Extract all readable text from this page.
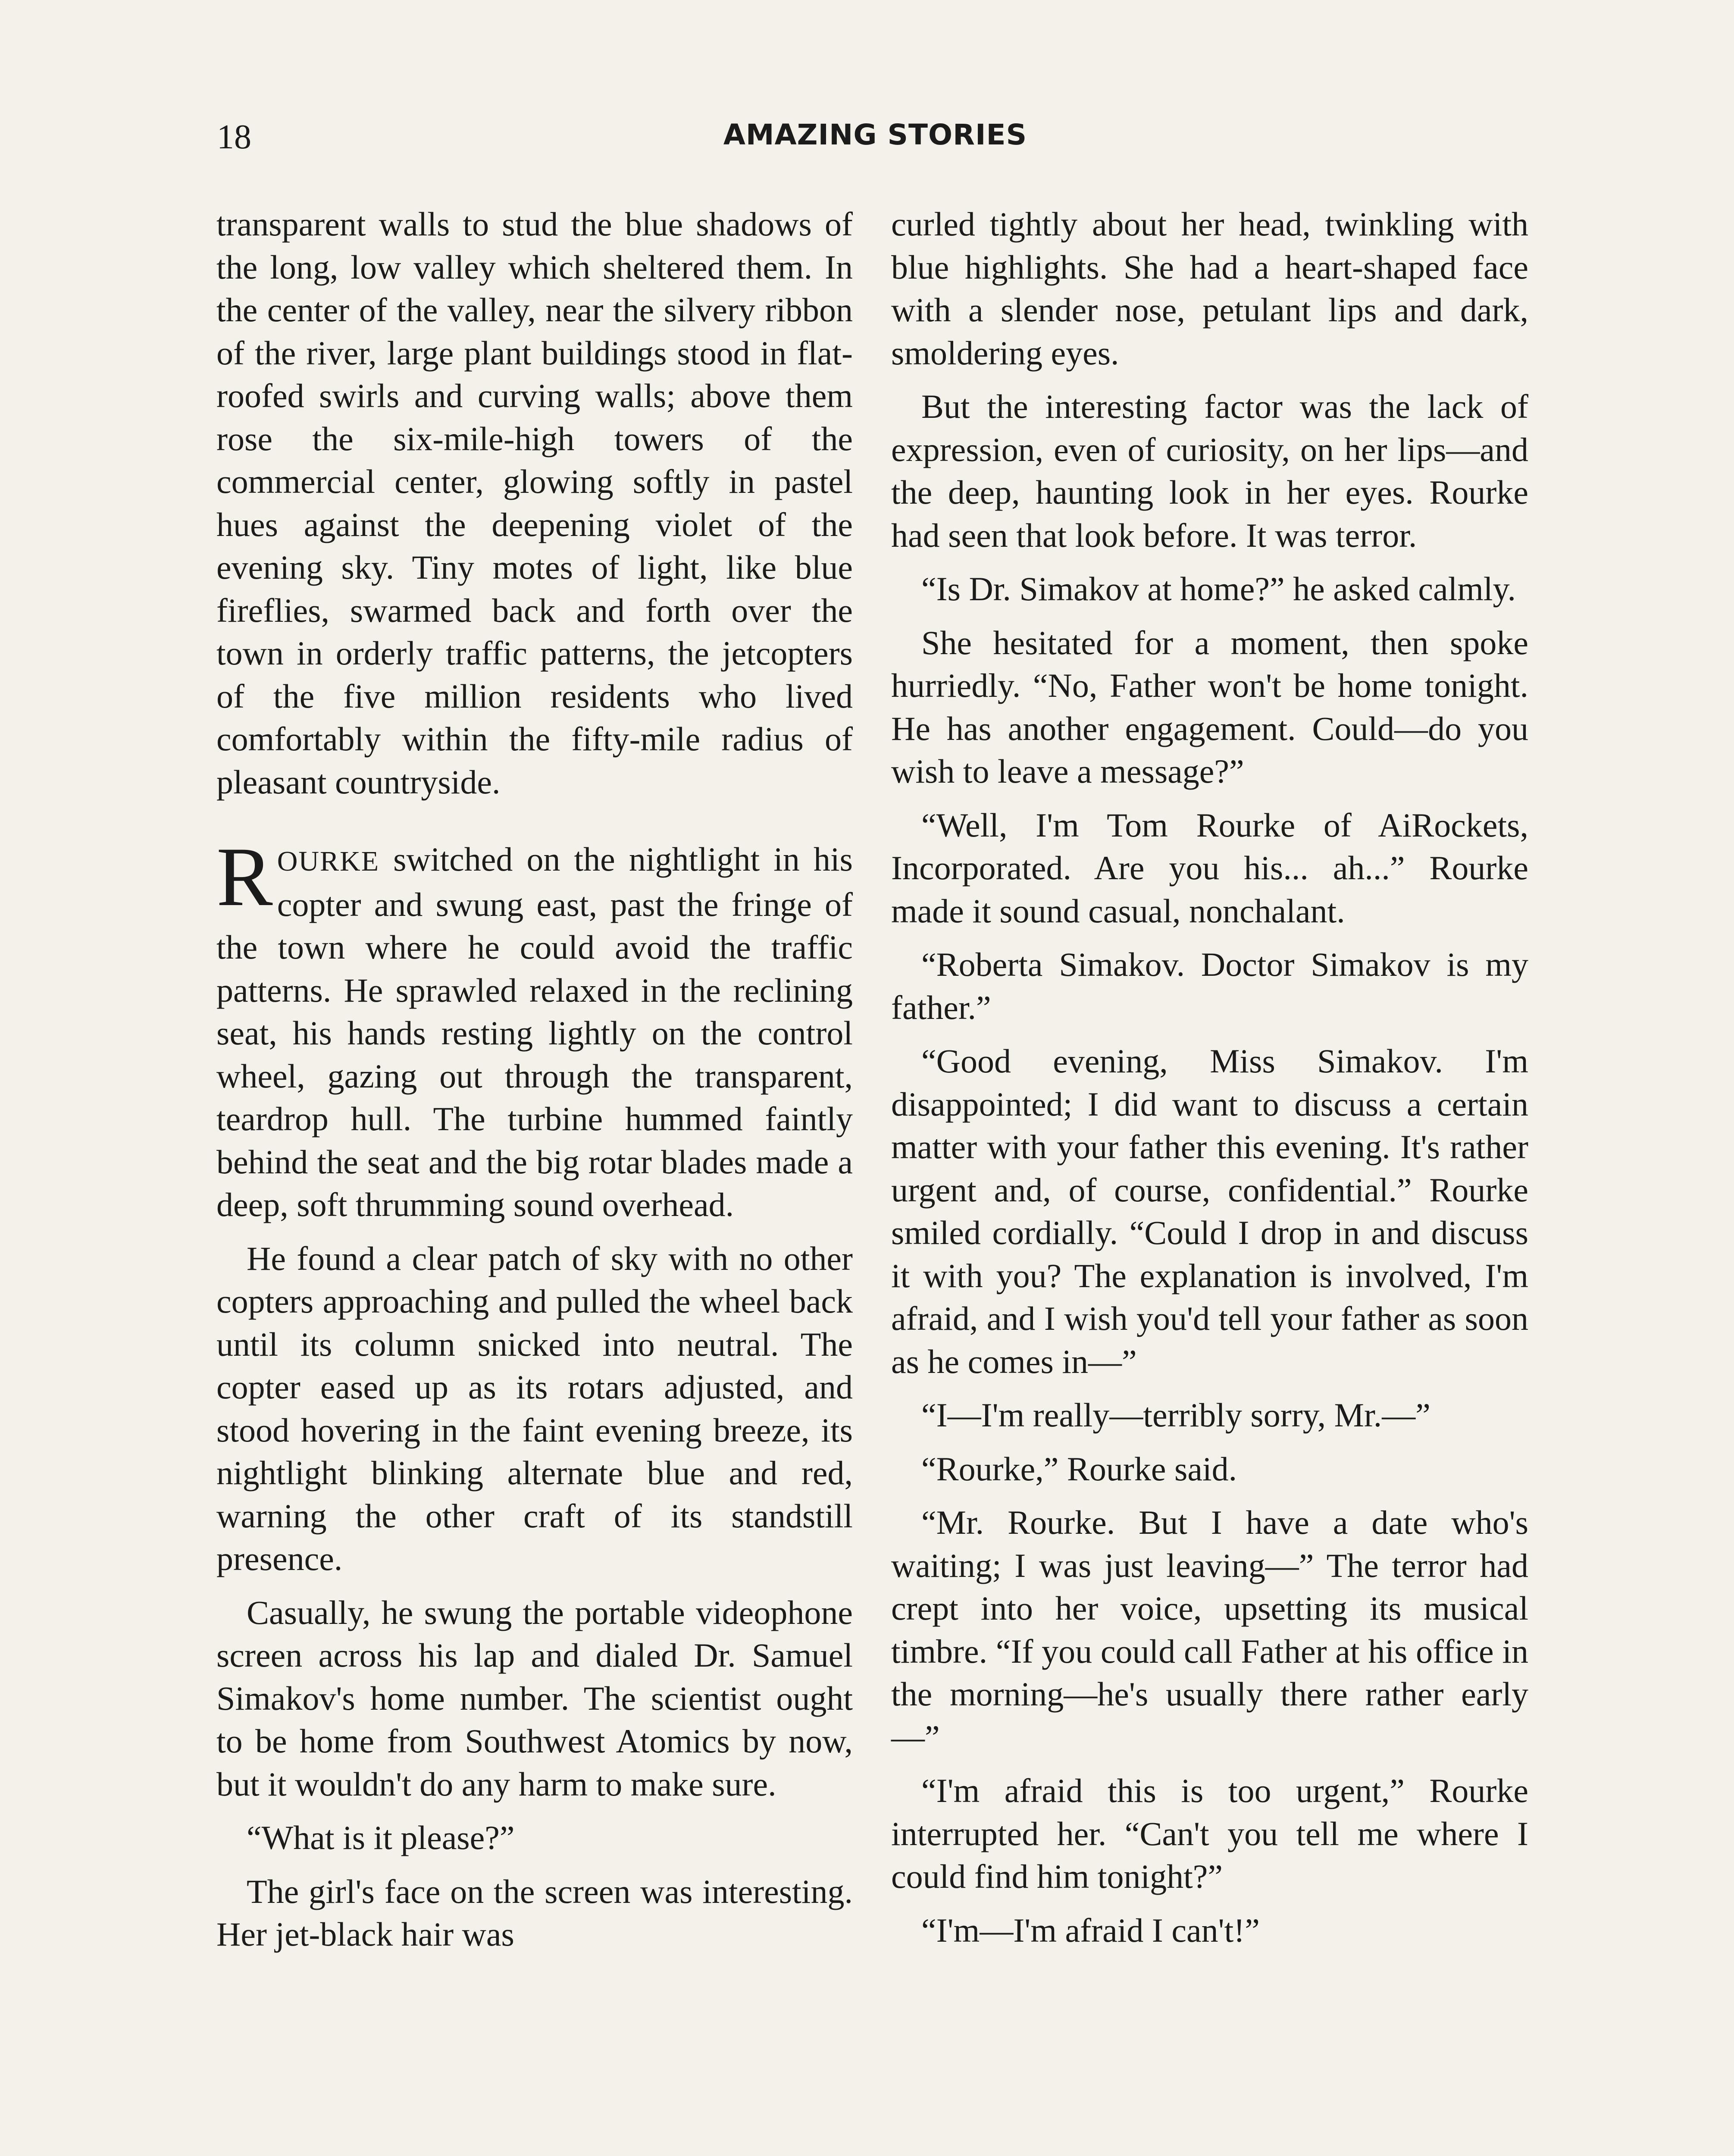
18	AMAZING STORIES

transparent walls to stud the blue shadows of the long, low valley which sheltered them. In the center of the valley, near the silvery ribbon of the river, large plant buildings stood in flat-roofed swirls and curving walls; above them rose the six-mile-high towers of the commercial center, glowing softly in pastel hues against the deepening violet of the evening sky. Tiny motes of light, like blue fireflies, swarmed back and forth over the town in orderly traffic patterns, the jetcopters of the five million residents who lived comfortably within the fifty-mile radius of pleasant countryside.

ROURKE switched on the nightlight in his copter and swung east, past the fringe of the town where he could avoid the traffic patterns. He sprawled relaxed in the reclining seat, his hands resting lightly on the control wheel, gazing out through the transparent, teardrop hull. The turbine hummed faintly behind the seat and the big rotar blades made a deep, soft thrumming sound overhead.

He found a clear patch of sky with no other copters approaching and pulled the wheel back until its column snicked into neutral. The copter eased up as its rotars adjusted, and stood hovering in the faint evening breeze, its nightlight blinking alternate blue and red, warning the other craft of its standstill presence.

Casually, he swung the portable videophone screen across his lap and dialed Dr. Samuel Simakov's home number. The scientist ought to be home from Southwest Atomics by now, but it wouldn't do any harm to make sure.

“What is it please?”

The girl's face on the screen was interesting. Her jet-black hair was

curled tightly about her head, twinkling with blue highlights. She had a heart-shaped face with a slender nose, petulant lips and dark, smoldering eyes.

But the interesting factor was the lack of expression, even of curiosity, on her lips—and the deep, haunting look in her eyes. Rourke had seen that look before. It was terror.

“Is Dr. Simakov at home?” he asked calmly.

She hesitated for a moment, then spoke hurriedly. “No, Father won't be home tonight. He has another engagement. Could—do you wish to leave a message?”

“Well, I'm Tom Rourke of AiRockets, Incorporated. Are you his... ah...” Rourke made it sound casual, nonchalant.

“Roberta Simakov. Doctor Simakov is my father.”

“Good evening, Miss Simakov. I'm disappointed; I did want to discuss a certain matter with your father this evening. It's rather urgent and, of course, confidential.” Rourke smiled cordially. “Could I drop in and discuss it with you? The explanation is involved, I'm afraid, and I wish you'd tell your father as soon as he comes in—”

“I—I'm really—terribly sorry, Mr.—”

“Rourke,” Rourke said.

“Mr. Rourke. But I have a date who's waiting; I was just leaving—” The terror had crept into her voice, upsetting its musical timbre. “If you could call Father at his office in the morning—he's usually there rather early—”

“I'm afraid this is too urgent,” Rourke interrupted her. “Can't you tell me where I could find him tonight?”

“I'm—I'm afraid I can't!”
